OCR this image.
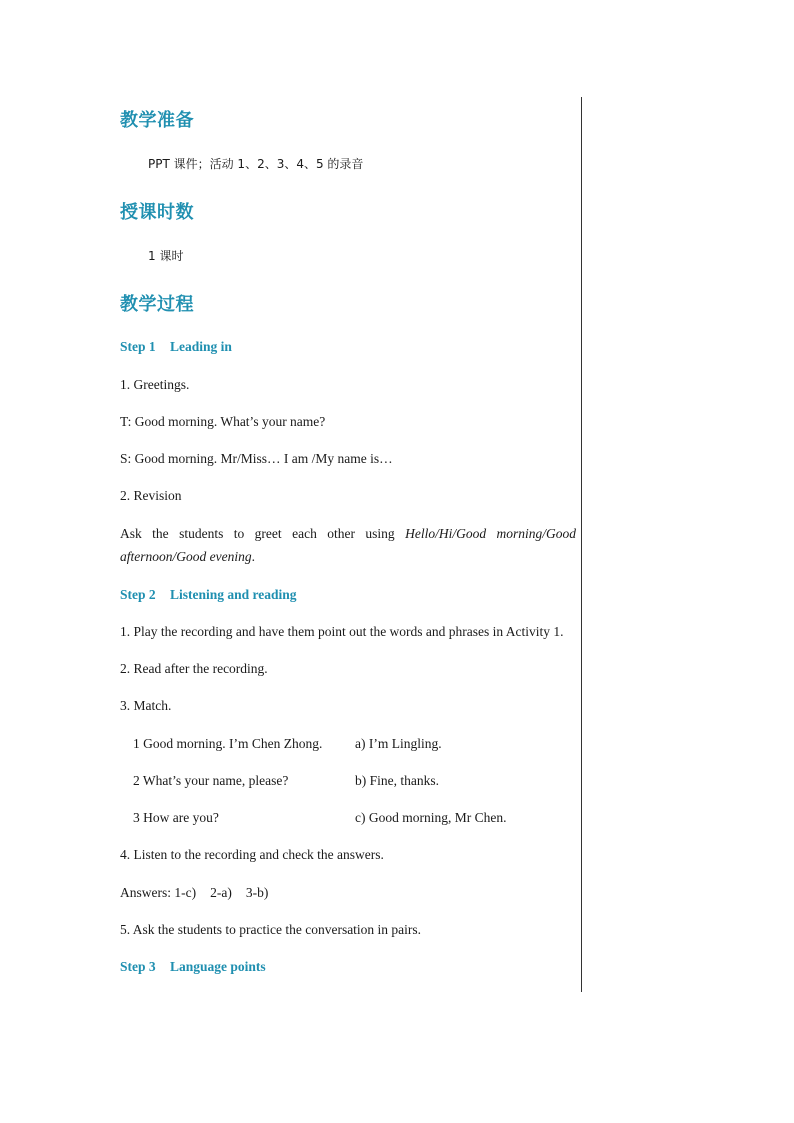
教学准备
PPT 课件；活动 1、2、3、4、5 的录音
授课时数
1 课时
教学过程
Step 1 Leading in
1. Greetings.
T: Good morning. What’s your name?
S: Good morning. Mr/Miss… I am /My name is…
2. Revision
Ask the students to greet each other using Hello/Hi/Good morning/Good afternoon/Good evening.
Step 2 Listening and reading
1. Play the recording and have them point out the words and phrases in Activity 1.
2. Read after the recording.
3. Match.
1 Good morning. I’m Chen Zhong. a) I’m Lingling.
2 What’s your name, please?	b) Fine, thanks.
3 How are you?	c) Good morning, Mr Chen.
4. Listen to the recording and check the answers.
Answers: 1-c) 2-a) 3-b)
5. Ask the students to practice the conversation in pairs.
Step 3 Language points
